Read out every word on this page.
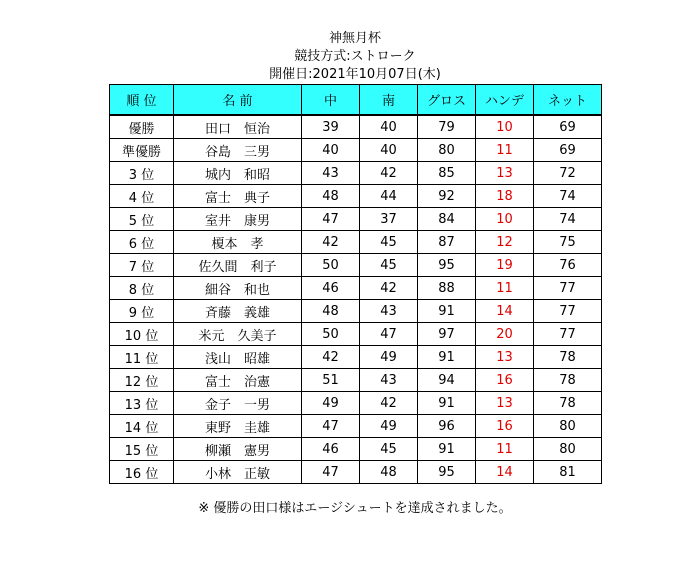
神無月杯
競技方式:ストローク
開催日:2021年10月07日(木)
順 位	名 前	中	南	グロス	ハンデ	ネット
優勝	田口　恒治	39	40	79	10	69
準優勝	谷島　三男	40	40	80	11	69
3 位	城内　和昭	43	42	85	13	72
4 位	富士　典子	48	44	92	18	74
5 位	室井　康男	47	37	84	10	74
6 位	榎本　孝	42	45	87	12	75
7 位	佐久間　利子	50	45	95	19	76
8 位	細谷　和也	46	42	88	11	77
9 位	斉藤　義雄	48	43	91	14	77
10 位	米元　久美子	50	47	97	20	77
11 位	浅山　昭雄	42	49	91	13	78
12 位	富士　治憲	51	43	94	16	78
13 位	金子　一男	49	42	91	13	78
14 位	東野　圭雄	47	49	96	16	80
15 位	柳瀬　憲男	46	45	91	11	80
16 位	小林　正敏	47	48	95	14	81
※ 優勝の田口様はエージシュートを達成されました。
